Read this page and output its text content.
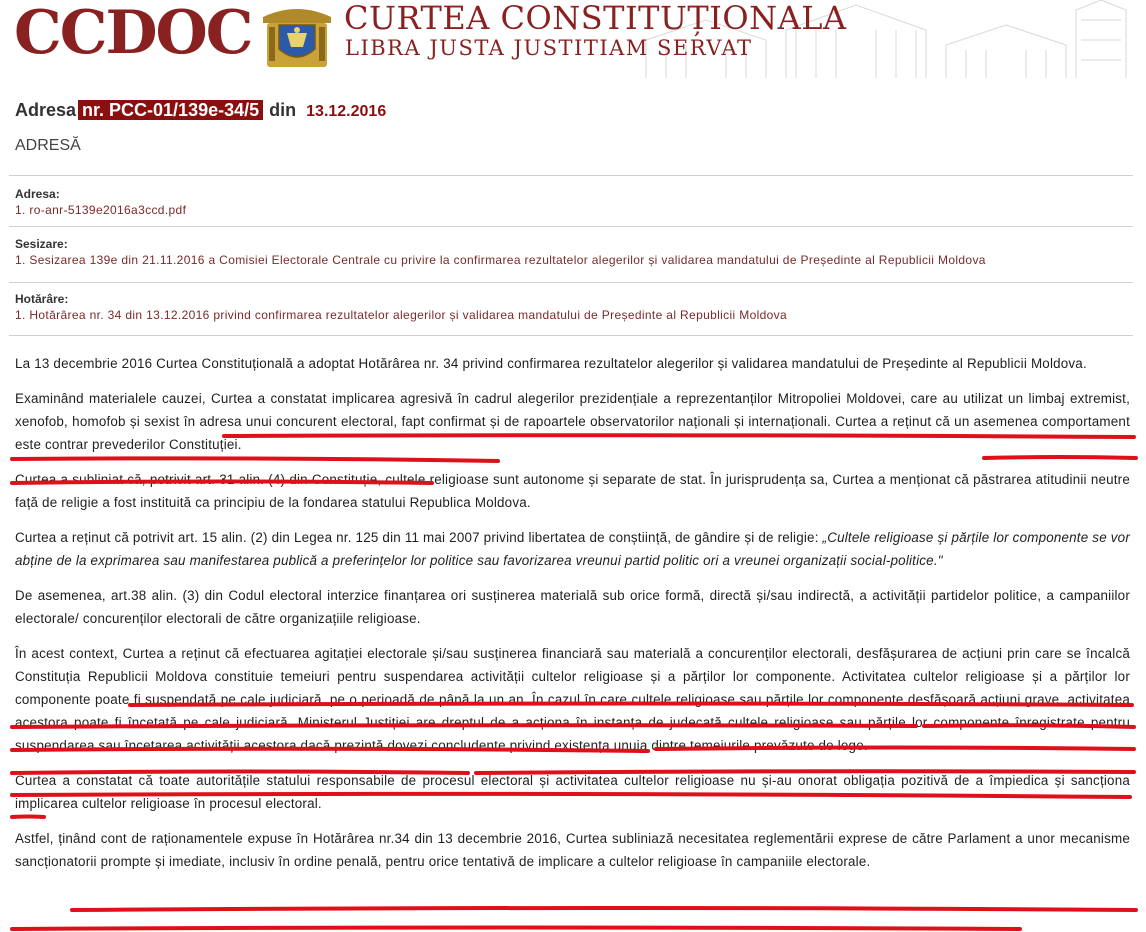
CCDOC	CURTEA CONSTITUȚIONALA
LIBRA JUSTA JUSTITIAM SERVAT
Adresa nr. PCC-01/139e-34/5 din 13.12.2016
ADRESĂ
Adresa:
1. ro-anr-5139e2016a3ccd.pdf
Sesizare:
1. Sesizarea 139e din 21.11.2016 a Comisiei Electorale Centrale cu privire la confirmarea rezultatelor alegerilor și validarea mandatului de Președinte al Republicii Moldova
Hotărâre:
1. Hotărârea nr. 34 din 13.12.2016 privind confirmarea rezultatelor alegerilor și validarea mandatului de Președinte al Republicii Moldova

La 13 decembrie 2016 Curtea Constituțională a adoptat Hotărârea nr. 34 privind confirmarea rezultatelor alegerilor și validarea mandatului de Președinte al Republicii Moldova.

Examinând materialele cauzei, Curtea a constatat implicarea agresivă în cadrul alegerilor prezidențiale a reprezentanților Mitropoliei Moldovei, care au utilizat un limbaj extremist, xenofob, homofob și sexist în adresa unui concurent electoral, fapt confirmat și de rapoartele observatorilor naționali și internaționali. Curtea a reținut că un asemenea comportament este contrar prevederilor Constituției.

Curtea a subliniat că, potrivit art. 31 alin. (4) din Constituție, cultele religioase sunt autonome și separate de stat. În jurisprudența sa, Curtea a menționat că păstrarea atitudinii neutre față de religie a fost instituită ca principiu de la fondarea statului Republica Moldova.

Curtea a reținut că potrivit art. 15 alin. (2) din Legea nr. 125 din 11 mai 2007 privind libertatea de conștiință, de gândire și de religie: „Cultele religioase și părțile lor componente se vor abține de la exprimarea sau manifestarea publică a preferințelor lor politice sau favorizarea vreunui partid politic ori a vreunei organizații social-politice."

De asemenea, art.38 alin. (3) din Codul electoral interzice finanțarea ori susținerea materială sub orice formă, directă și/sau indirectă, a activității partidelor politice, a campaniilor electorale/ concurenților electorali de către organizațiile religioase.

În acest context, Curtea a reținut că efectuarea agitației electorale și/sau susținerea financiară sau materială a concurenților electorali, desfășurarea de acțiuni prin care se încalcă Constituția Republicii Moldova constituie temeiuri pentru suspendarea activității cultelor religioase și a părților lor componente. Activitatea cultelor religioase și a părților lor componente poate fi suspendată pe cale judiciară, pe o perioadă de până la un an. În cazul în care cultele religioase sau părțile lor componente desfășoară acțiuni grave, activitatea acestora poate fi încetată pe cale judiciară. Ministerul Justiției are dreptul de a acționa în instanța de judecată cultele religioase sau părțile lor componente înregistrate pentru suspendarea sau încetarea activității acestora dacă prezintă dovezi concludente privind existența unuia dintre temeiurile prevăzute de lege.

Curtea a constatat că toate autoritățile statului responsabile de procesul electoral și activitatea cultelor religioase nu și-au onorat obligația pozitivă de a împiedica și sancționa implicarea cultelor religioase în procesul electoral.

Astfel, ținând cont de raționamentele expuse în Hotărârea nr.34 din 13 decembrie 2016, Curtea subliniază necesitatea reglementării exprese de către Parlament a unor mecanisme sancționatorii prompte și imediate, inclusiv în ordine penală, pentru orice tentativă de implicare a cultelor religioase în campaniile electorale.
